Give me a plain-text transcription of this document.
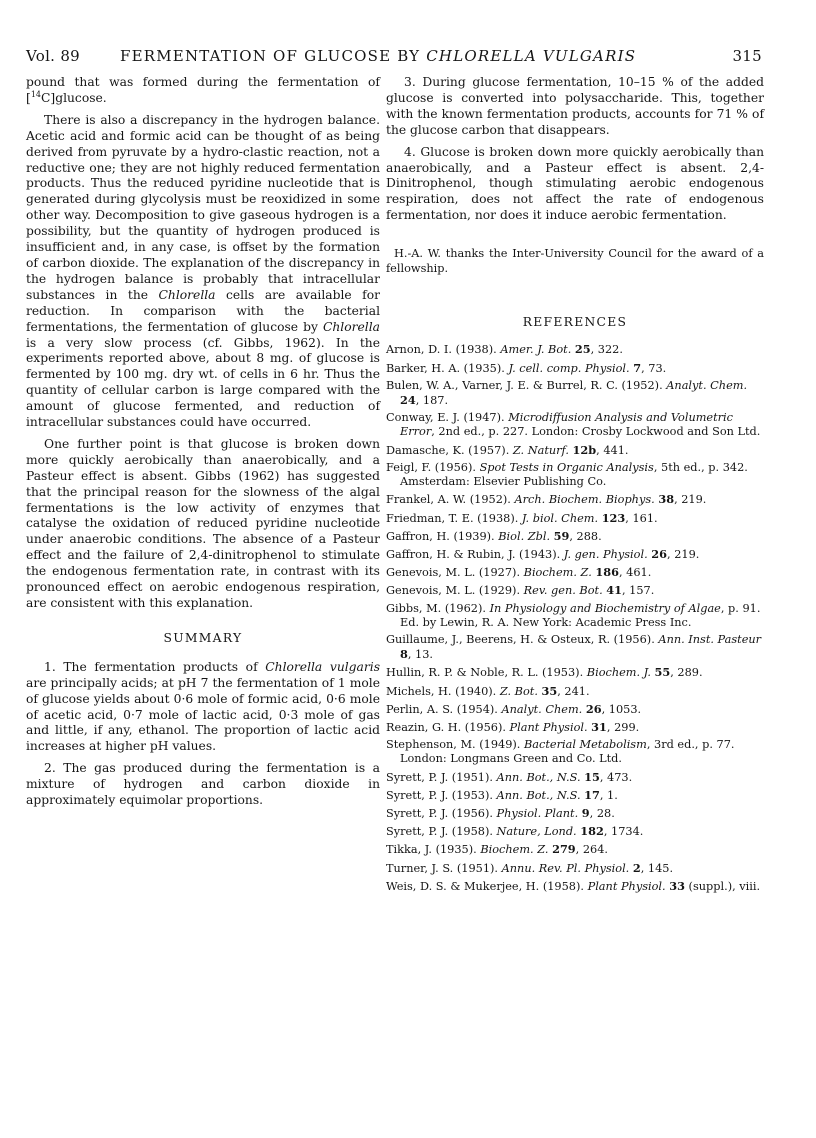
Vol. 89	FERMENTATION OF GLUCOSE BY CHLORELLA VULGARIS	315

pound that was formed during the fermentation of [$^{14}$C]glucose.

There is also a discrepancy in the hydrogen balance. Acetic acid and formic acid can be thought of as being derived from pyruvate by a hydro-clastic reaction, not a reductive one; they are not highly reduced fermentation products. Thus the reduced pyridine nucleotide that is generated during glycolysis must be reoxidized in some other way. Decomposition to give gaseous hydrogen is a possibility, but the quantity of hydrogen produced is insufficient and, in any case, is offset by the formation of carbon dioxide. The explanation of the discrepancy in the hydrogen balance is probably that intracellular substances in the Chlorella cells are available for reduction. In comparison with the bacterial fermentations, the fermentation of glucose by Chlorella is a very slow process (cf. Gibbs, 1962). In the experiments reported above, about 8 mg. of glucose is fermented by 100 mg. dry wt. of cells in 6 hr. Thus the quantity of cellular carbon is large compared with the amount of glucose fermented, and reduction of intracellular substances could have occurred.

One further point is that glucose is broken down more quickly aerobically than anaerobically, and a Pasteur effect is absent. Gibbs (1962) has suggested that the principal reason for the slowness of the algal fermentations is the low activity of enzymes that catalyse the oxidation of reduced pyridine nucleotide under anaerobic conditions. The absence of a Pasteur effect and the failure of 2,4-dinitrophenol to stimulate the endogenous fermentation rate, in contrast with its pronounced effect on aerobic endogenous respiration, are consistent with this explanation.

SUMMARY

1. The fermentation products of Chlorella vulgaris are principally acids; at pH 7 the fermentation of 1 mole of glucose yields about 0·6 mole of formic acid, 0·6 mole of acetic acid, 0·7 mole of lactic acid, 0·3 mole of gas and little, if any, ethanol. The proportion of lactic acid increases at higher pH values.

2. The gas produced during the fermentation is a mixture of hydrogen and carbon dioxide in approximately equimolar proportions.

3. During glucose fermentation, 10–15 % of the added glucose is converted into polysaccharide. This, together with the known fermentation products, accounts for 71 % of the glucose carbon that disappears.

4. Glucose is broken down more quickly aerobically than anaerobically, and a Pasteur effect is absent. 2,4-Dinitrophenol, though stimulating aerobic endogenous respiration, does not affect the rate of endogenous fermentation, nor does it induce aerobic fermentation.

H.-A. W. thanks the Inter-University Council for the award of a fellowship.

REFERENCES

Arnon, D. I. (1938). Amer. J. Bot. 25, 322.

Barker, H. A. (1935). J. cell. comp. Physiol. 7, 73.

Bulen, W. A., Varner, J. E. & Burrel, R. C. (1952). Analyt. Chem. 24, 187.

Conway, E. J. (1947). Microdiffusion Analysis and Volumetric Error, 2nd ed., p. 227. London: Crosby Lockwood and Son Ltd.

Damasche, K. (1957). Z. Naturf. 12b, 441.

Feigl, F. (1956). Spot Tests in Organic Analysis, 5th ed., p. 342. Amsterdam: Elsevier Publishing Co.

Frankel, A. W. (1952). Arch. Biochem. Biophys. 38, 219.

Friedman, T. E. (1938). J. biol. Chem. 123, 161.

Gaffron, H. (1939). Biol. Zbl. 59, 288.

Gaffron, H. & Rubin, J. (1943). J. gen. Physiol. 26, 219.

Genevois, M. L. (1927). Biochem. Z. 186, 461.

Genevois, M. L. (1929). Rev. gen. Bot. 41, 157.

Gibbs, M. (1962). In Physiology and Biochemistry of Algae, p. 91. Ed. by Lewin, R. A. New York: Academic Press Inc.

Guillaume, J., Beerens, H. & Osteux, R. (1956). Ann. Inst. Pasteur 8, 13.

Hullin, R. P. & Noble, R. L. (1953). Biochem. J. 55, 289.

Michels, H. (1940). Z. Bot. 35, 241.

Perlin, A. S. (1954). Analyt. Chem. 26, 1053.

Reazin, G. H. (1956). Plant Physiol. 31, 299.

Stephenson, M. (1949). Bacterial Metabolism, 3rd ed., p. 77. London: Longmans Green and Co. Ltd.

Syrett, P. J. (1951). Ann. Bot., N.S. 15, 473.

Syrett, P. J. (1953). Ann. Bot., N.S. 17, 1.

Syrett, P. J. (1956). Physiol. Plant. 9, 28.

Syrett, P. J. (1958). Nature, Lond. 182, 1734.

Tikka, J. (1935). Biochem. Z. 279, 264.

Turner, J. S. (1951). Annu. Rev. Pl. Physiol. 2, 145.

Weis, D. S. & Mukerjee, H. (1958). Plant Physiol. 33 (suppl.), viii.
